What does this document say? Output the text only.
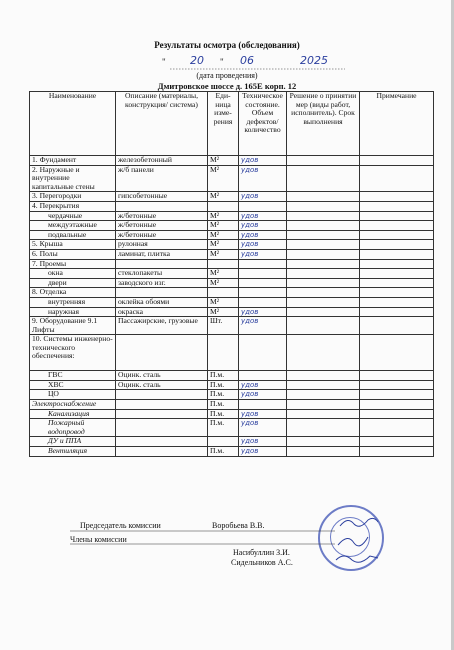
Результаты осмотра (обследования)
" 20 " 06	2025
(дата проведения)
Дмитровское шоссе д. 165Е корп. 12
Наименование	Описание (материалы, конструкция/ система)	Еди-ница изме-рения	Техническое состояние. Объем дефектов/ количество	Решение о принятии мер (виды работ, исполнитель). Срок выполнения	Примечание
1. Фундамент	железобетонный	М²	удов		
2. Наружные и внутренние капитальные стены	ж/б панели	М²	удов		
3. Перегородки	гипсобетонные	М²	удов		
4. Перекрытия					
чердачные	ж/бетонные	М²	удов		
междуэтажные	ж/бетонные	М²	удов		
подвальные	ж/бетонные	М²	удов		
5. Крыша	рулонная	М²	удов		
6. Полы	ламинат, плитка	М²	удов		
7. Проемы					
окна	стеклопакеты	М²			
двери	заводского изг.	М²			
8. Отделка					
внутренняя	оклейка обоями	М²			
наружная	окраска	М²	удов		
9. Оборудование 9.1 Лифты	Пассажирские, грузовые	Шт.	удов		
10. Системы инженерно-технического обеспечения:					
ГВС	Оцинк. сталь	П.м.			
ХВС	Оцинк. сталь	П.м.	удов		
ЦО		П.м.	удов		
Электроснабжение		П.м.			
Канализация		П.м.	удов		
Пожарный водопровод		П.м.	удов		
ДУ и ППА			удов		
Вентиляция		П.м.	удов		
Председатель комиссии	Воробьева В.В.
Члены комиссии
Насибуллин З.И.
Сидельников А.С.
